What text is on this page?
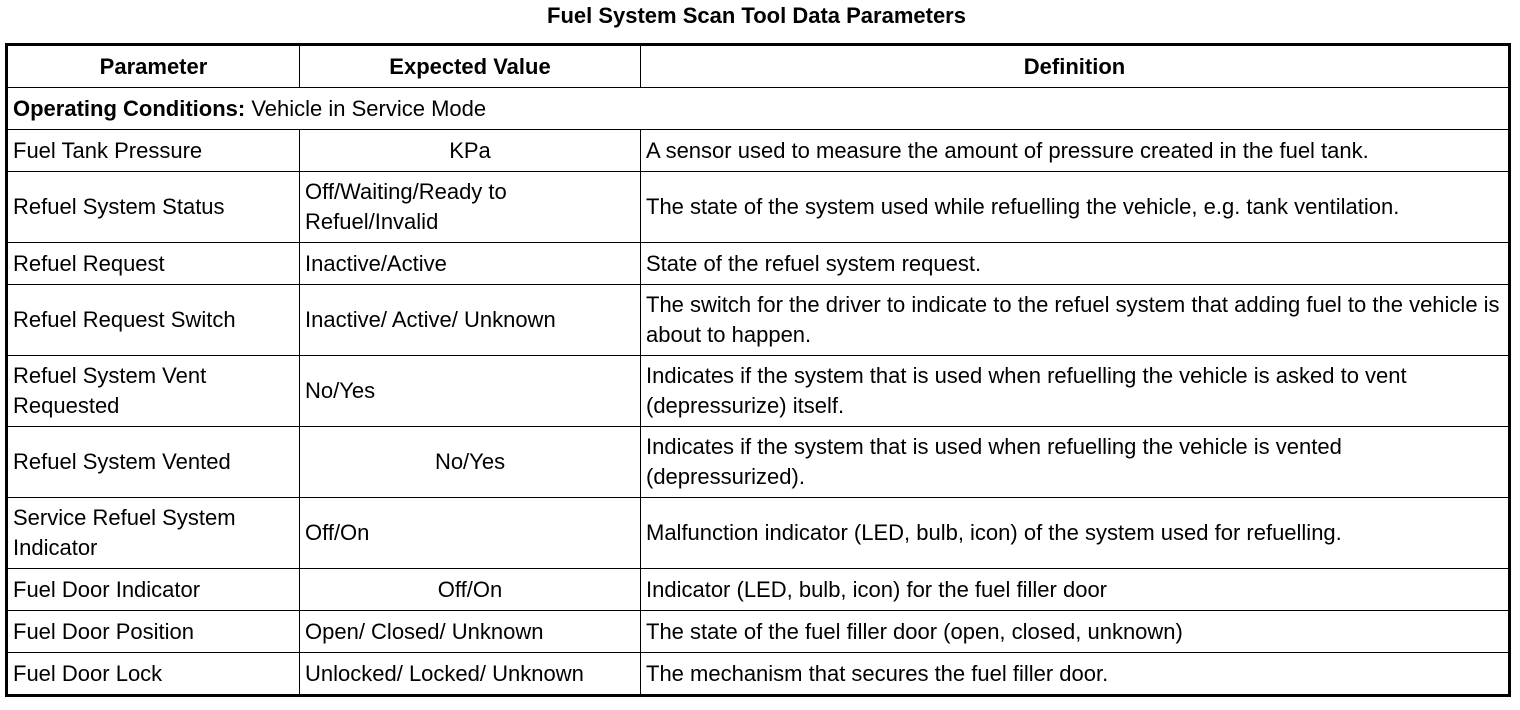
Fuel System Scan Tool Data Parameters
Parameter	Expected Value	Definition
Operating Conditions: Vehicle in Service Mode		
Fuel Tank Pressure	KPa	A sensor used to measure the amount of pressure created in the fuel tank.
Refuel System Status	Off/Waiting/Ready to Refuel/Invalid	The state of the system used while refuelling the vehicle, e.g. tank ventilation.
Refuel Request	Inactive/Active	State of the refuel system request.
Refuel Request Switch	Inactive/ Active/ Unknown	The switch for the driver to indicate to the refuel system that adding fuel to the vehicle is about to happen.
Refuel System Vent Requested	No/Yes	Indicates if the system that is used when refuelling the vehicle is asked to vent (depressurize) itself.
Refuel System Vented	No/Yes	Indicates if the system that is used when refuelling the vehicle is vented (depressurized).
Service Refuel System Indicator	Off/On	Malfunction indicator (LED, bulb, icon) of the system used for refuelling.
Fuel Door Indicator	Off/On	Indicator (LED, bulb, icon) for the fuel filler door
Fuel Door Position	Open/ Closed/ Unknown	The state of the fuel filler door (open, closed, unknown)
Fuel Door Lock	Unlocked/ Locked/ Unknown	The mechanism that secures the fuel filler door.
